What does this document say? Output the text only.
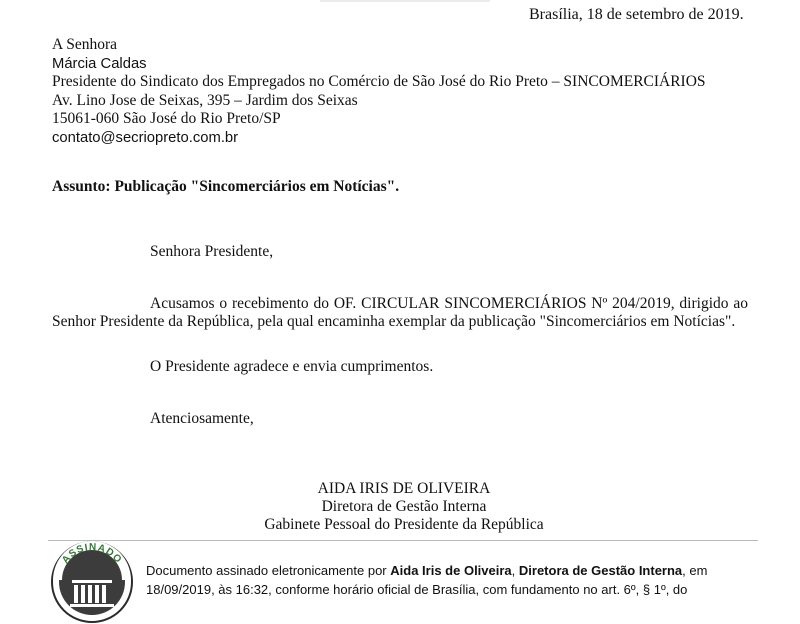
Brasília, 18 de setembro de 2019.
A Senhora
Márcia Caldas
Presidente do Sindicato dos Empregados no Comércio de São José do Rio Preto – SINCOMERCIÁRIOS
Av. Lino Jose de Seixas, 395 – Jardim dos Seixas
15061-060 São José do Rio Preto/SP
contato@secriopreto.com.br
Assunto: Publicação "Sincomerciários em Notícias".
Senhora Presidente,
Acusamos o recebimento do OF. CIRCULAR SINCOMERCIÁRIOS Nº 204/2019, dirigido ao Senhor Presidente da República, pela qual encaminha exemplar da publicação "Sincomerciários em Notícias".
O Presidente agradece e envia cumprimentos.
Atenciosamente,
AIDA IRIS DE OLIVEIRA
Diretora de Gestão Interna
Gabinete Pessoal do Presidente da República
ASSINADO
Documento assinado eletronicamente por Aida Iris de Oliveira, Diretora de Gestão Interna, em
18/09/2019, às 16:32, conforme horário oficial de Brasília, com fundamento no art. 6º, § 1º, do
